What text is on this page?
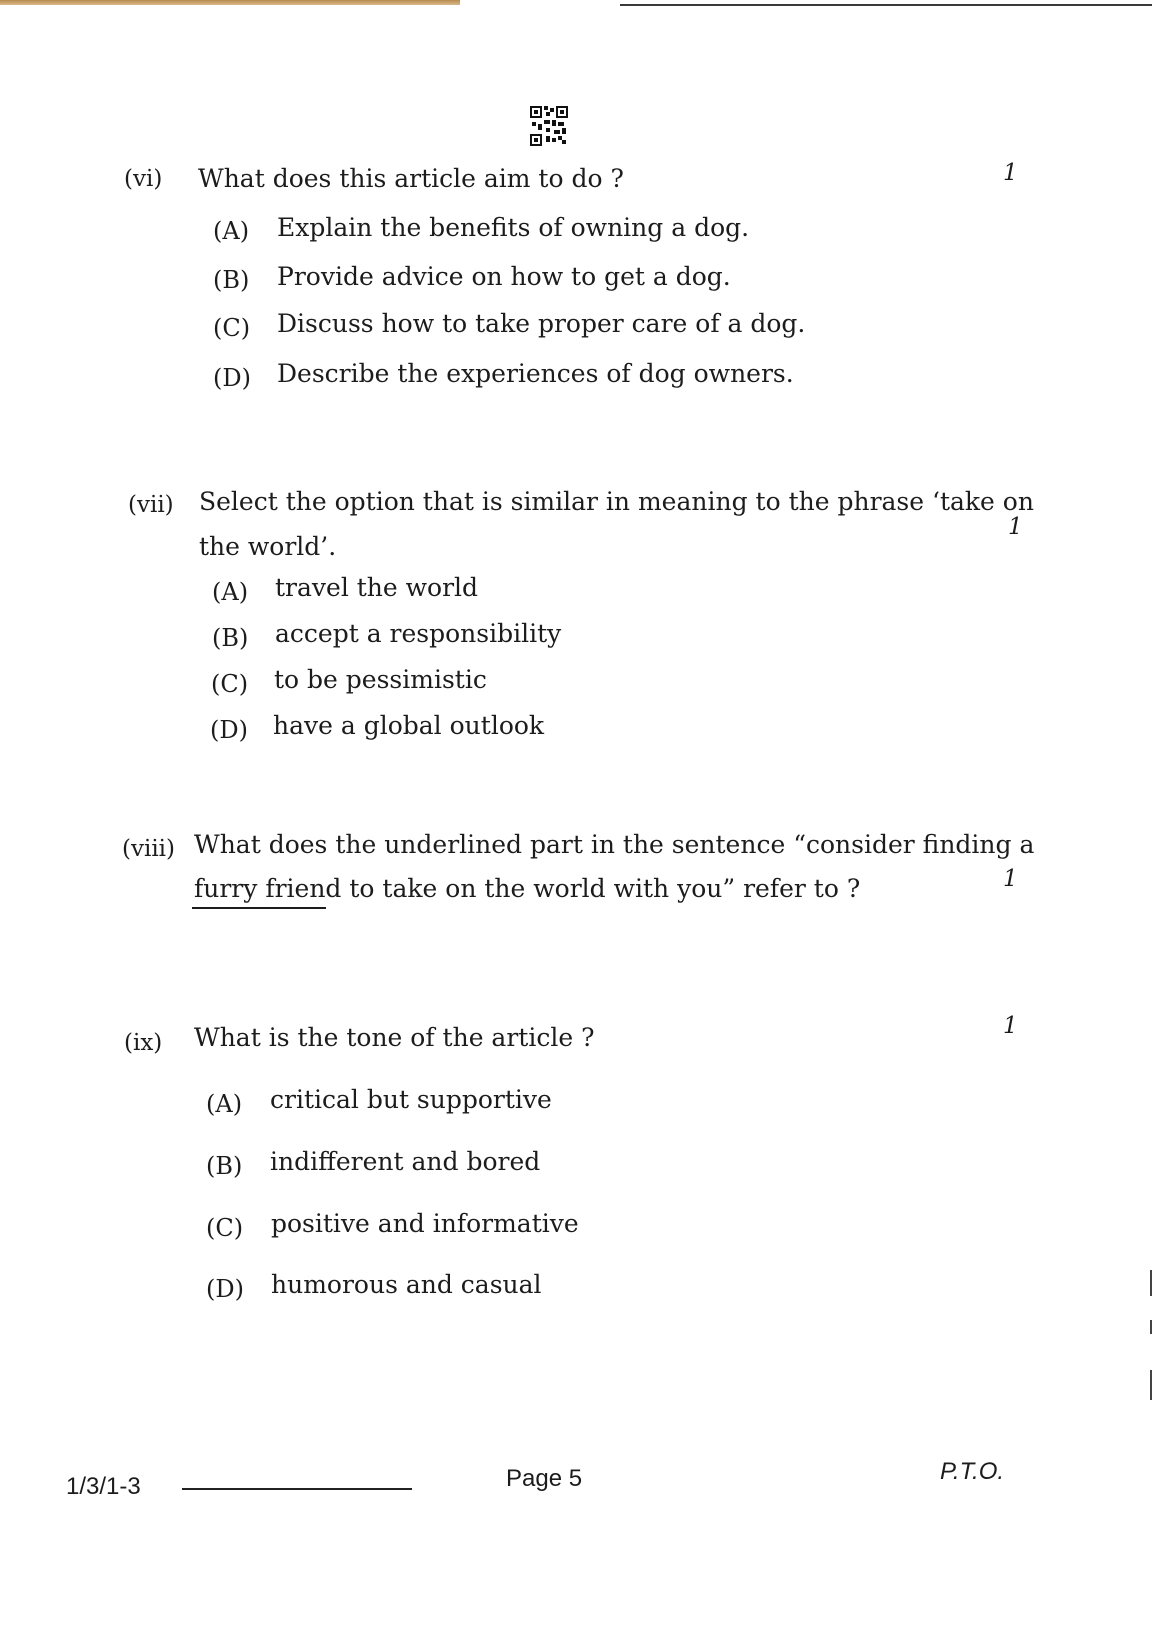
(vi) What does this article aim to do ?	1
(A) Explain the benefits of owning a dog.
(B) Provide advice on how to get a dog.
(C) Discuss how to take proper care of a dog.
(D) Describe the experiences of dog owners.
(vii) Select the option that is similar in meaning to the phrase ‘take on
the world’.
1
(A) travel the world
(B) accept a responsibility
(C) to be pessimistic
(D) have a global outlook
(viii) What does the underlined part in the sentence “consider finding a
furry friend to take on the world with you” refer to ?	1
(ix) What is the tone of the article ?	1
(A) critical but supportive
(B) indifferent and bored
(C) positive and informative
(D) humorous and casual
1/3/1-3	Page 5	P.T.O.
